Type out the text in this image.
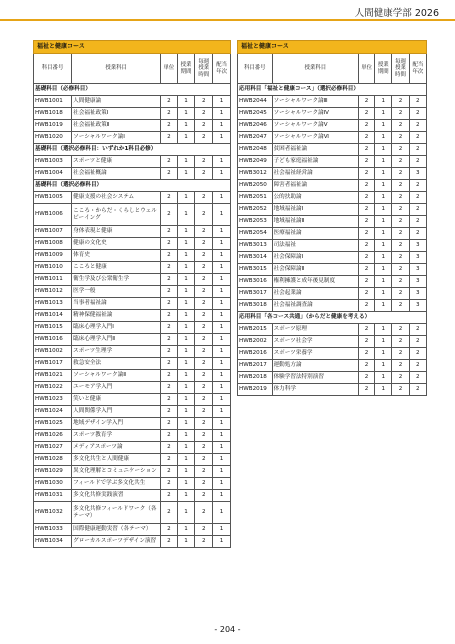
人間健康学部 2026
福祉と健康コース					
科目番号	授業科目	単位	授業期間	毎週授業時間	配当年次
基礎科目（必修科目）					
HWB1001	人間健康論	2	1	2	1
HWB1018	社会福祉政策Ⅰ	2	1	2	1
HWB1019	社会福祉政策Ⅱ	2	1	2	1
HWB1020	ソーシャルワーク論Ⅰ	2	1	2	1
基礎科目（選択必修科目：いずれか1科目必修）					
HWB1003	スポーツと健康	2	1	2	1
HWB1004	社会福祉概論	2	1	2	1
基礎科目（選択必修科目）					
HWB1005	健康支援の社会システム	2	1	2	1
HWB1006	こころ・からだ・くらしとウェルビーイング	2	1	2	1
HWB1007	身体表現と健康	2	1	2	1
HWB1008	健康の文化史	2	1	2	1
HWB1009	体育史	2	1	2	1
HWB1010	こころと健康	2	1	2	1
HWB1011	衛生学及び公衆衛生学	2	1	2	1
HWB1012	医学一般	2	1	2	1
HWB1013	当事者福祉論	2	1	2	1
HWB1014	精神保健福祉論	2	1	2	1
HWB1015	臨床心理学入門Ⅰ	2	1	2	1
HWB1016	臨床心理学入門Ⅱ	2	1	2	1
HWB1002	スポーツ生理学	2	1	2	1
HWB1017	救急安全法	2	1	2	1
HWB1021	ソーシャルワーク論Ⅱ	2	1	2	1
HWB1022	ユーモア学入門	2	1	2	1
HWB1023	笑いと健康	2	1	2	1
HWB1024	人間関係学入門	2	1	2	1
HWB1025	地域デザイン学入門	2	1	2	1
HWB1026	スポーツ教育学	2	1	2	1
HWB1027	メディアスポーツ論	2	1	2	1
HWB1028	多文化共生と人間健康	2	1	2	1
HWB1029	異文化理解とコミュニケーション	2	1	2	1
HWB1030	フィールドで学ぶ多文化共生	2	1	2	1
HWB1031	多文化共修実践演習	2	1	2	1
HWB1032	多文化共修フィールドワーク（各テーマ）	2	1	2	1
HWB1033	国際健康運動実習（各テーマ）	2	1	2	1
HWB1034	グローカルスポーツデザイン演習	2	1	2	1
福祉と健康コース					
科目番号	授業科目	単位	授業期間	毎週授業時間	配当年次
応用科目「福祉と健康コース」（選択必修科目）					
HWB2044	ソーシャルワーク論Ⅲ	2	1	2	2
HWB2045	ソーシャルワーク論Ⅳ	2	1	2	2
HWB2046	ソーシャルワーク論Ⅴ	2	1	2	2
HWB2047	ソーシャルワーク論Ⅵ	2	1	2	2
HWB2048	貧困者福祉論	2	1	2	2
HWB2049	子ども家庭福祉論	2	1	2	2
HWB3012	社会福祉経営論	2	1	2	3
HWB2050	障害者福祉論	2	1	2	2
HWB2051	公的扶助論	2	1	2	2
HWB2052	地域福祉論Ⅰ	2	1	2	2
HWB2053	地域福祉論Ⅱ	2	1	2	2
HWB2054	医療福祉論	2	1	2	2
HWB3013	司法福祉	2	1	2	3
HWB3014	社会保障論Ⅰ	2	1	2	3
HWB3015	社会保障論Ⅱ	2	1	2	3
HWB3016	権利擁護と成年後見制度	2	1	2	3
HWB3017	社会起業論	2	1	2	3
HWB3018	社会福祉調査論	2	1	2	3
応用科目「各コース共通」（からだと健康を考える）					
HWB2015	スポーツ原理	2	1	2	2
HWB2002	スポーツ社会学	2	1	2	2
HWB2016	スポーツ栄養学	2	1	2	2
HWB2017	運動処方論	2	1	2	2
HWB2018	体験学習法特別演習	2	1	2	2
HWB2019	体力科学	2	1	2	2
- 204 -
